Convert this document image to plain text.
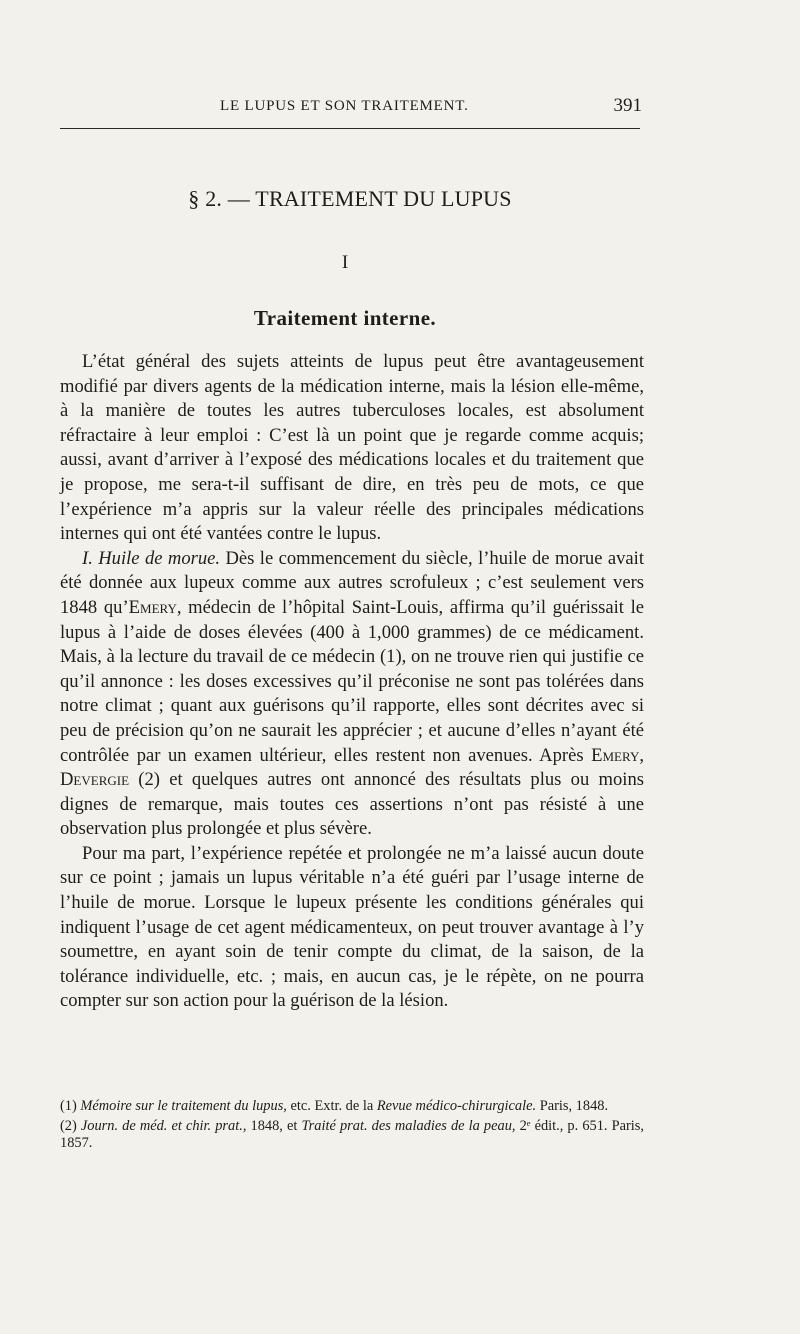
LE LUPUS ET SON TRAITEMENT.	391
§ 2. — TRAITEMENT DU LUPUS
I
Traitement interne.

L’état général des sujets atteints de lupus peut être avantageusement modifié par divers agents de la médication interne, mais la lésion elle-même, à la manière de toutes les autres tuberculoses locales, est absolument réfractaire à leur emploi : C’est là un point que je regarde comme acquis; aussi, avant d’arriver à l’exposé des médications locales et du traitement que je propose, me sera-t-il suffisant de dire, en très peu de mots, ce que l’expérience m’a appris sur la valeur réelle des principales médications internes qui ont été vantées contre le lupus.

I. Huile de morue. Dès le commencement du siècle, l’huile de morue avait été donnée aux lupeux comme aux autres scrofuleux ; c’est seulement vers 1848 qu’Emery, médecin de l’hôpital Saint-Louis, affirma qu’il guérissait le lupus à l’aide de doses élevées (400 à 1,000 grammes) de ce médicament. Mais, à la lecture du travail de ce médecin (1), on ne trouve rien qui justifie ce qu’il annonce : les doses excessives qu’il préconise ne sont pas tolérées dans notre climat ; quant aux guérisons qu’il rapporte, elles sont décrites avec si peu de précision qu’on ne saurait les apprécier ; et aucune d’elles n’ayant été contrôlée par un examen ultérieur, elles restent non avenues. Après Emery, Devergie (2) et quelques autres ont annoncé des résultats plus ou moins dignes de remarque, mais toutes ces assertions n’ont pas résisté à une observation plus prolongée et plus sévère.

Pour ma part, l’expérience repétée et prolongée ne m’a laissé aucun doute sur ce point ; jamais un lupus véritable n’a été guéri par l’usage interne de l’huile de morue. Lorsque le lupeux présente les conditions générales qui indiquent l’usage de cet agent médicamenteux, on peut trouver avantage à l’y soumettre, en ayant soin de tenir compte du climat, de la saison, de la tolérance individuelle, etc. ; mais, en aucun cas, je le répète, on ne pourra compter sur son action pour la guérison de la lésion.

(1) Mémoire sur le traitement du lupus, etc. Extr. de la Revue médico-chirurgicale. Paris, 1848.

(2) Journ. de méd. et chir. prat., 1848, et Traité prat. des maladies de la peau, 2ᵉ édit., p. 651. Paris, 1857.
